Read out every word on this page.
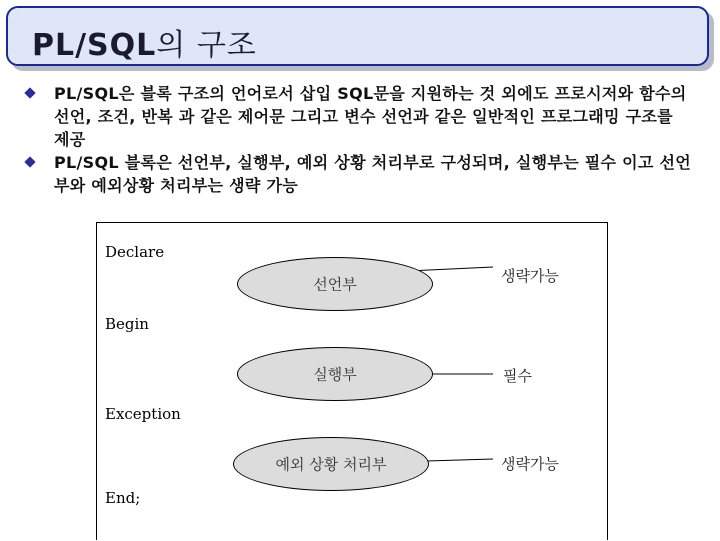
PL/SQL의 구조
PL/SQL은 블록 구조의 언어로서 삽입 SQL문을 지원하는 것 외에도 프로시저와 함수의 선언, 조건, 반복 과 같은 제어문 그리고 변수 선언과 같은 일반적인 프로그래밍 구조를 제공
PL/SQL 블록은 선언부, 실행부, 예외 상황 처리부로 구성되며, 실행부는 필수 이고 선언부와 예외상황 처리부는 생략 가능
Declare
선언부	생략가능
Begin
실행부	필수
Exception
예외 상황 처리부	생략가능
End;
